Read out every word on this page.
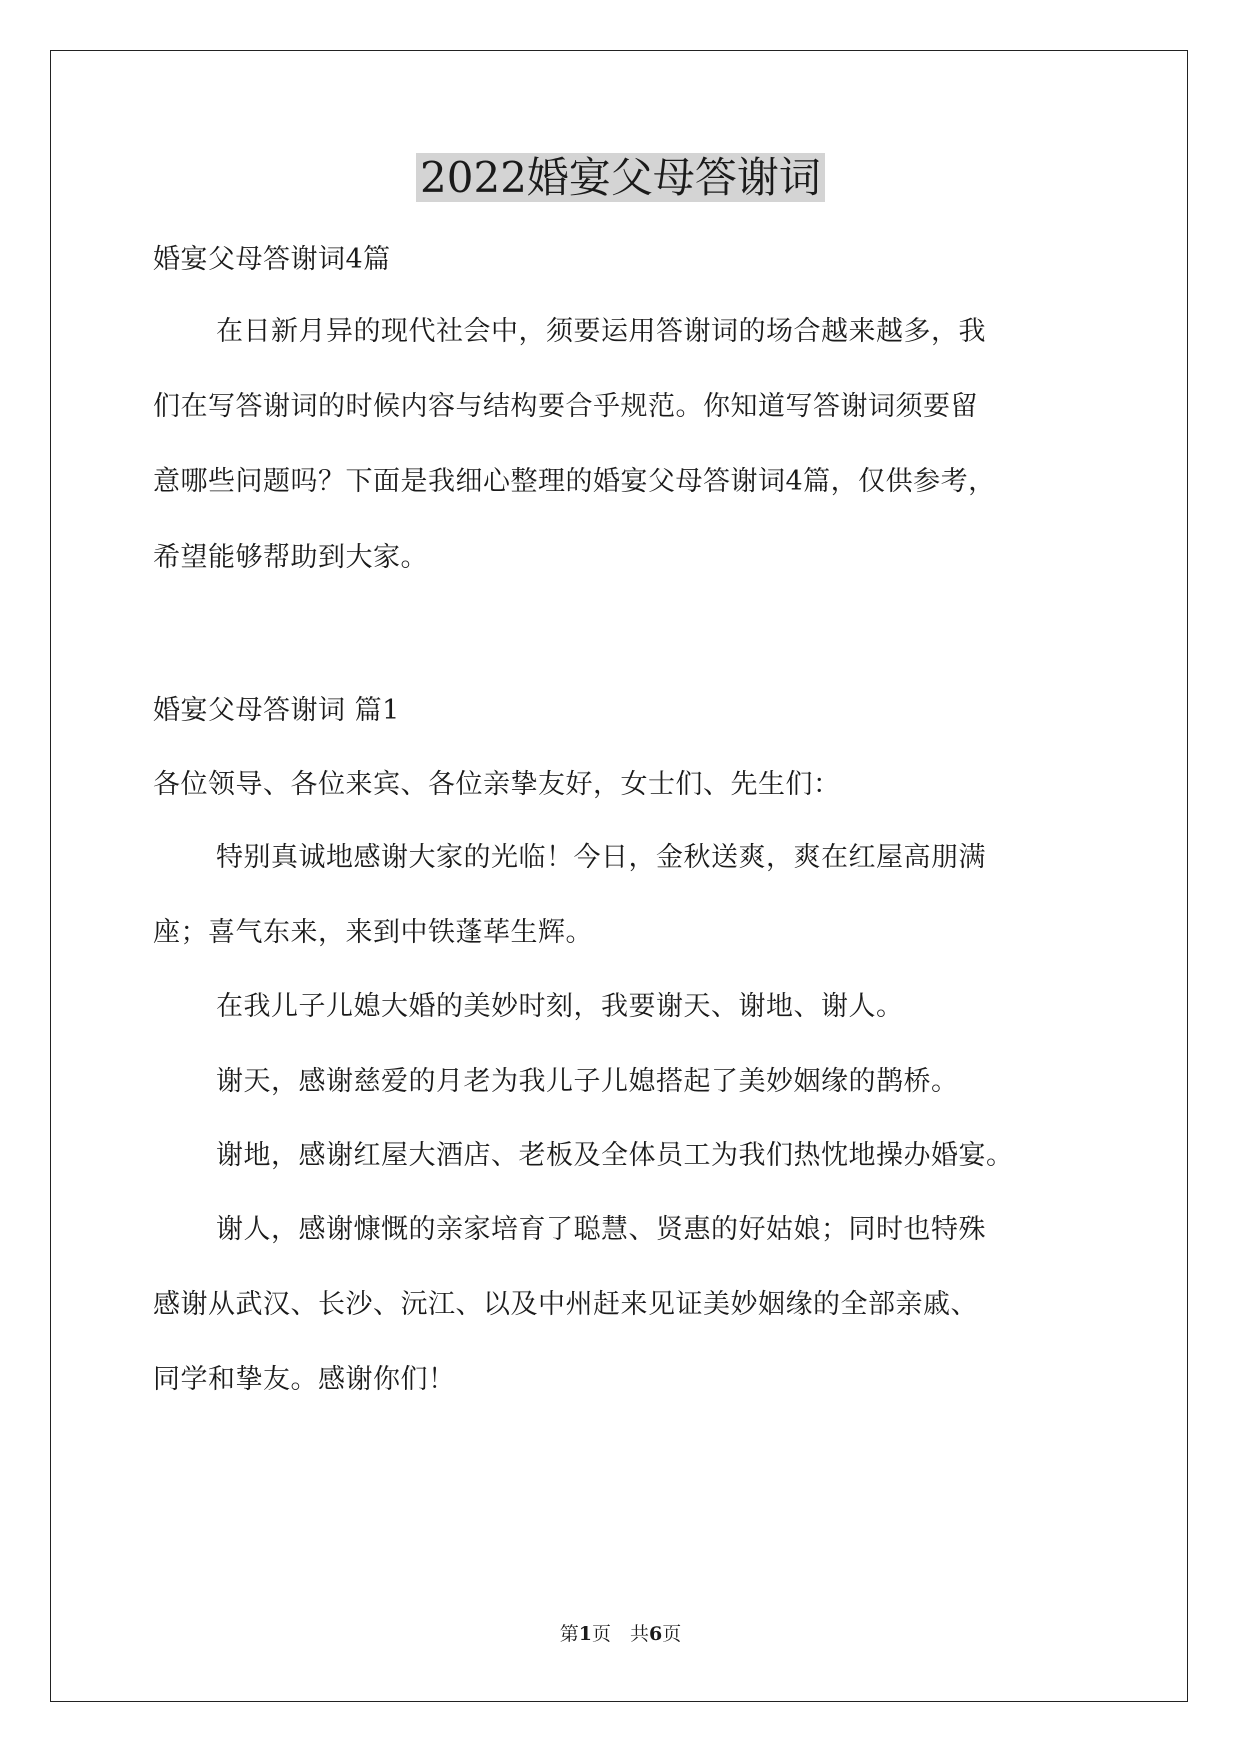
2022婚宴父母答谢词
婚宴父母答谢词4篇
在日新月异的现代社会中，须要运用答谢词的场合越来越多，我
们在写答谢词的时候内容与结构要合乎规范。你知道写答谢词须要留
意哪些问题吗？下面是我细心整理的婚宴父母答谢词4篇，仅供参考，
希望能够帮助到大家。
婚宴父母答谢词 篇1
各位领导、各位来宾、各位亲挚友好，女士们、先生们：
特别真诚地感谢大家的光临！今日，金秋送爽，爽在红屋高朋满
座；喜气东来，来到中铁蓬荜生辉。
在我儿子儿媳大婚的美妙时刻，我要谢天、谢地、谢人。
谢天，感谢慈爱的月老为我儿子儿媳搭起了美妙姻缘的鹊桥。
谢地，感谢红屋大酒店、老板及全体员工为我们热忱地操办婚宴。
谢人，感谢慷慨的亲家培育了聪慧、贤惠的好姑娘；同时也特殊
感谢从武汉、长沙、沅江、以及中州赶来见证美妙姻缘的全部亲戚、
同学和挚友。感谢你们！
第1页　共6页
